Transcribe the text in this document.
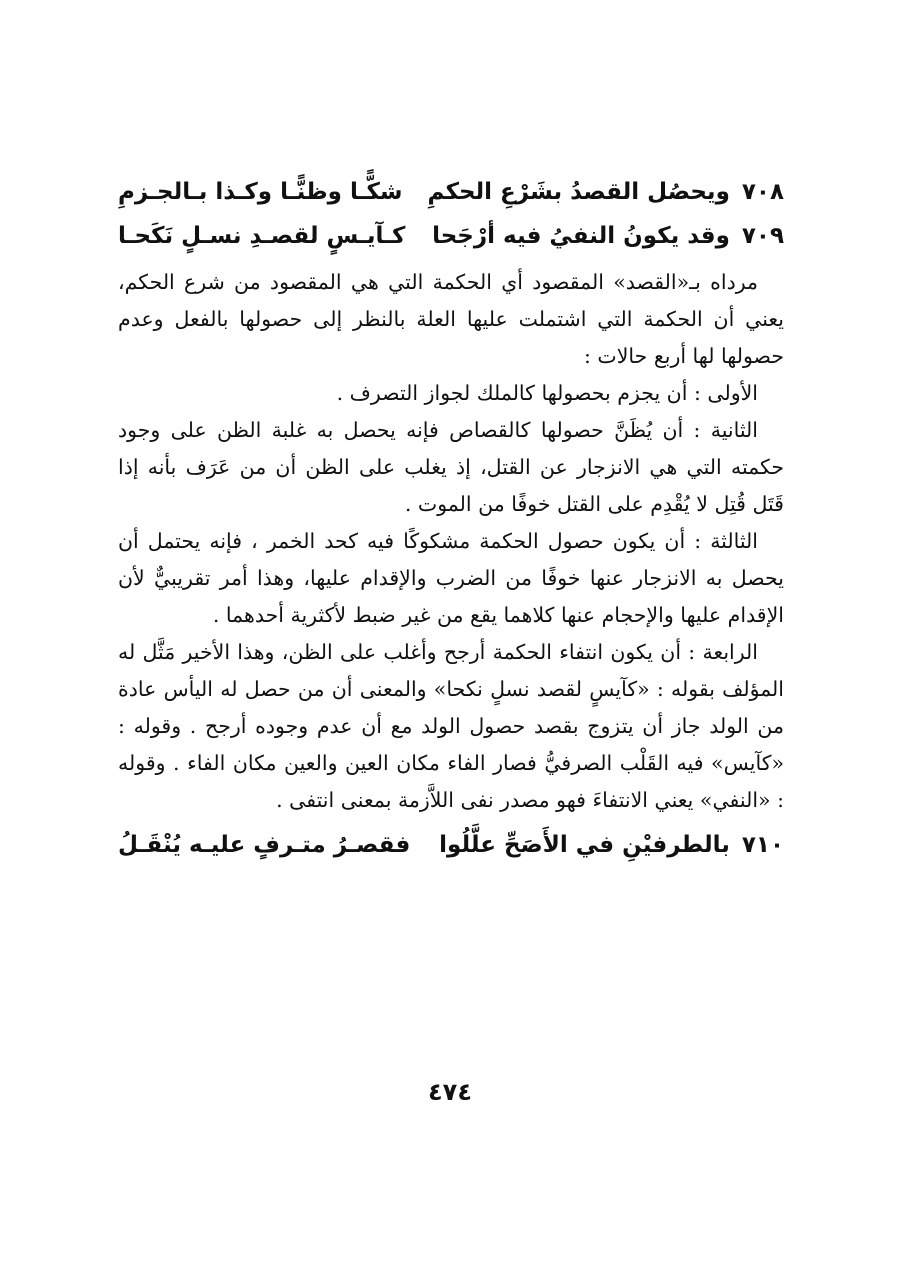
٧٠٨
ويحصُل القصدُ بشَرْعِ الحكمِ
شكًّـا وظنًّـا وكـذا بـالجـزمِ
٧٠٩
وقد يكونُ النفيُ فيه أرْجَحا
كـآيـسٍ لقصـدِ نسـلٍ نَكَحـا

مرداه بـ«القصد» المقصود أي الحكمة التي هي المقصود من شرع الحكم، يعني أن الحكمة التي اشتملت عليها العلة بالنظر إلى حصولها بالفعل وعدم حصولها لها أربع حالات :

الأولى : أن يجزم بحصولها كالملك لجواز التصرف .

الثانية : أن يُظَنَّ حصولها كالقصاص فإنه يحصل به غلبة الظن على وجود حكمته التي هي الانزجار عن القتل، إذ يغلب على الظن أن من عَرَف بأنه إذا قَتَل قُتِل لا يُقْدِم على القتل خوفًا من الموت .

الثالثة : أن يكون حصول الحكمة مشكوكًا فيه كحد الخمر ، فإنه يحتمل أن يحصل به الانزجار عنها خوفًا من الضرب والإقدام عليها، وهذا أمر تقريبيٌّ لأن الإقدام عليها والإحجام عنها كلاهما يقع من غير ضبط لأكثرية أحدهما .

الرابعة : أن يكون انتفاء الحكمة أرجح وأغلب على الظن، وهذا الأخير مَثَّل له المؤلف بقوله : «كآيسٍ لقصد نسلٍ نكحا» والمعنى أن من حصل له اليأس عادة من الولد جاز أن يتزوج بقصد حصول الولد مع أن عدم وجوده أرجح . وقوله : «كآيس» فيه القَلْب الصرفيُّ فصار الفاء مكان العين والعين مكان الفاء . وقوله : «النفي» يعني الانتفاءَ فهو مصدر نفى اللاَّزمة بمعنى انتفى .

٧١٠
بالطرفيْنِ في الأَصَحِّ علَّلُوا
فقصـرُ متـرفٍ عليـه يُنْقَـلُ
٤٧٤
